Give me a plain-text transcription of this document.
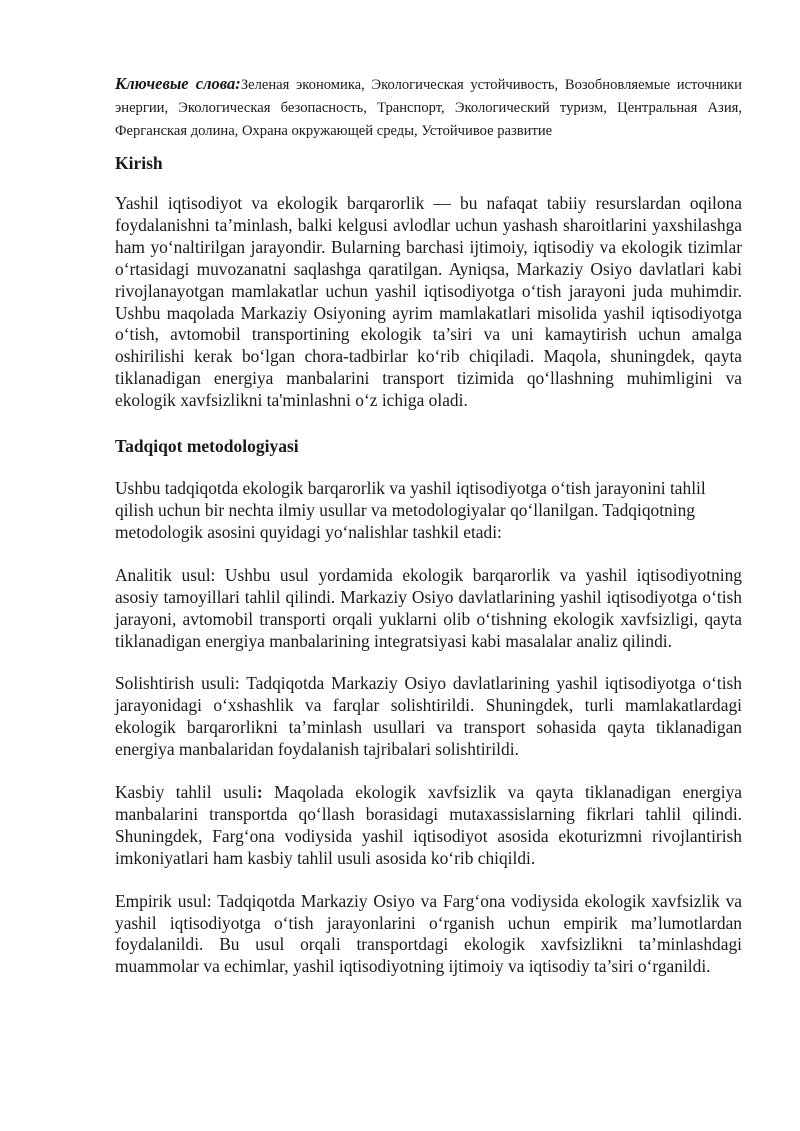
Ключевые слова:Зеленая экономика, Экологическая устойчивость, Возобновляемые источники энергии, Экологическая безопасность, Транспорт, Экологический туризм, Центральная Азия, Ферганская долина, Охрана окружающей среды, Устойчивое развитие

Kirish

Yashil iqtisodiyot va ekologik barqarorlik — bu nafaqat tabiiy resurslardan oqilona foydalanishni ta’minlash, balki kelgusi avlodlar uchun yashash sharoitlarini yaxshilashga ham yo‘naltirilgan jarayondir. Bularning barchasi ijtimoiy, iqtisodiy va ekologik tizimlar o‘rtasidagi muvozanatni saqlashga qaratilgan. Ayniqsa, Markaziy Osiyo davlatlari kabi rivojlanayotgan mamlakatlar uchun yashil iqtisodiyotga o‘tish jarayoni juda muhimdir. Ushbu maqolada Markaziy Osiyoning ayrim mamlakatlari misolida yashil iqtisodiyotga o‘tish, avtomobil transportining ekologik ta’siri va uni kamaytirish uchun amalga oshirilishi kerak bo‘lgan chora-tadbirlar ko‘rib chiqiladi. Maqola, shuningdek, qayta tiklanadigan energiya manbalarini transport tizimida qo‘llashning muhimligini va ekologik xavfsizlikni ta'minlashni o‘z ichiga oladi.

Tadqiqot metodologiyasi

Ushbu tadqiqotda ekologik barqarorlik va yashil iqtisodiyotga o‘tish jarayonini tahlil qilish uchun bir nechta ilmiy usullar va metodologiyalar qo‘llanilgan. Tadqiqotning metodologik asosini quyidagi yo‘nalishlar tashkil etadi:

Analitik usul: Ushbu usul yordamida ekologik barqarorlik va yashil iqtisodiyotning asosiy tamoyillari tahlil qilindi. Markaziy Osiyo davlatlarining yashil iqtisodiyotga o‘tish jarayoni, avtomobil transporti orqali yuklarni olib o‘tishning ekologik xavfsizligi, qayta tiklanadigan energiya manbalarining integratsiyasi kabi masalalar analiz qilindi.

Solishtirish usuli: Tadqiqotda Markaziy Osiyo davlatlarining yashil iqtisodiyotga o‘tish jarayonidagi o‘xshashlik va farqlar solishtirildi. Shuningdek, turli mamlakatlardagi ekologik barqarorlikni ta’minlash usullari va transport sohasida qayta tiklanadigan energiya manbalaridan foydalanish tajribalari solishtirildi.

Kasbiy tahlil usuli: Maqolada ekologik xavfsizlik va qayta tiklanadigan energiya manbalarini transportda qo‘llash borasidagi mutaxassislarning fikrlari tahlil qilindi. Shuningdek, Farg‘ona vodiysida yashil iqtisodiyot asosida ekoturizmni rivojlantirish imkoniyatlari ham kasbiy tahlil usuli asosida ko‘rib chiqildi.

Empirik usul: Tadqiqotda Markaziy Osiyo va Farg‘ona vodiysida ekologik xavfsizlik va yashil iqtisodiyotga o‘tish jarayonlarini o‘rganish uchun empirik ma’lumotlardan foydalanildi. Bu usul orqali transportdagi ekologik xavfsizlikni ta’minlashdagi muammolar va echimlar, yashil iqtisodiyotning ijtimoiy va iqtisodiy ta’siri o‘rganildi.
